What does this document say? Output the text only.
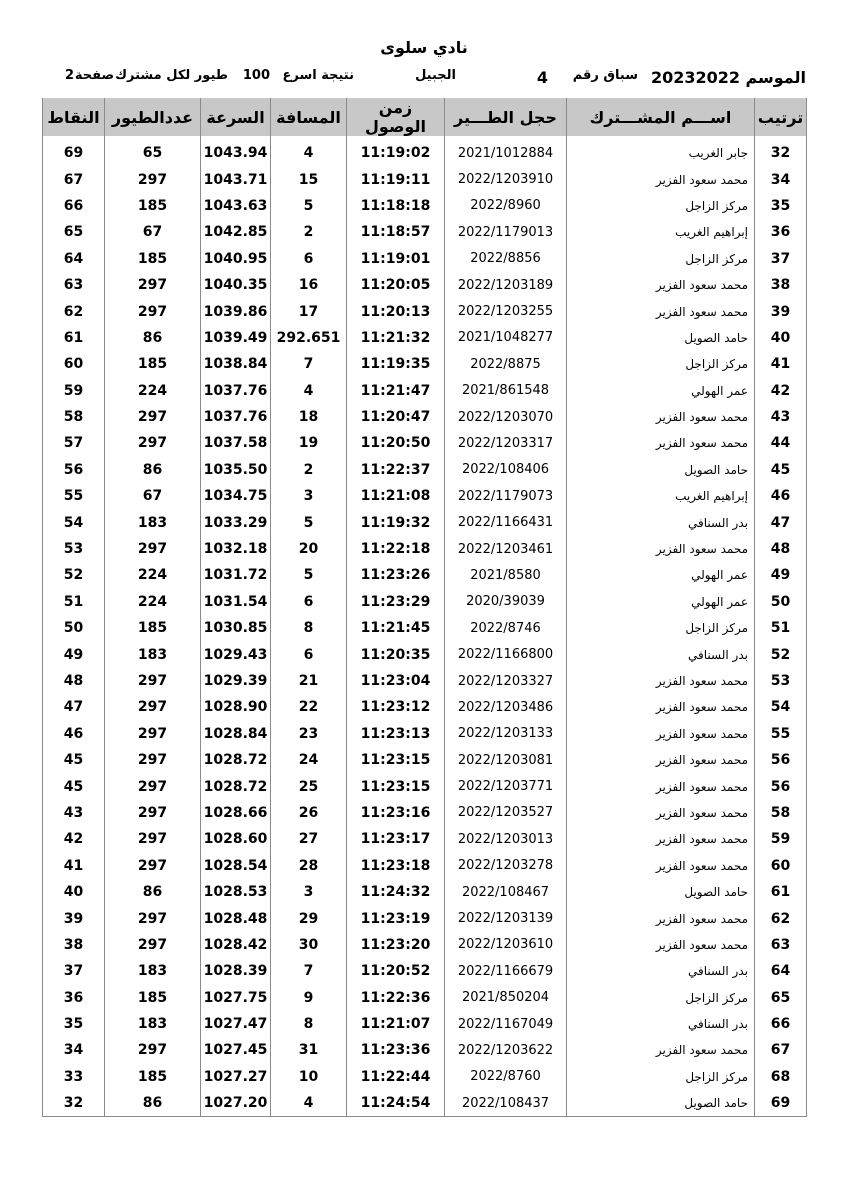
نادي سلوى
الموسم
20232022
سباق رقم
4
الجبيل
نتيجة اسرع
100
طيور لكل مشترك
صفحة
2
النقاط	عددالطيور	السرعة	المسافة	زمن الوصول	حجل الطـــير	اســـم المشـــترك	ترتيب

69	65	1043.94	4	11:19:02	2021/1012884	جابر الغريب	32
67	297	1043.71	15	11:19:11	2022/1203910	محمد سعود الفزير	34
66	185	1043.63	5	11:18:18	2022/8960	مركز الزاجل	35
65	67	1042.85	2	11:18:57	2022/1179013	إبراهيم الغريب	36
64	185	1040.95	6	11:19:01	2022/8856	مركز الزاجل	37
63	297	1040.35	16	11:20:05	2022/1203189	محمد سعود الفزير	38
62	297	1039.86	17	11:20:13	2022/1203255	محمد سعود الفزير	39
61	86	1039.49	292.651	11:21:32	2021/1048277	حامد الصويل	40
60	185	1038.84	7	11:19:35	2022/8875	مركز الزاجل	41
59	224	1037.76	4	11:21:47	2021/861548	عمر الهولي	42
58	297	1037.76	18	11:20:47	2022/1203070	محمد سعود الفزير	43
57	297	1037.58	19	11:20:50	2022/1203317	محمد سعود الفزير	44
56	86	1035.50	2	11:22:37	2022/108406	حامد الصويل	45
55	67	1034.75	3	11:21:08	2022/1179073	إبراهيم الغريب	46
54	183	1033.29	5	11:19:32	2022/1166431	بدر السنافي	47
53	297	1032.18	20	11:22:18	2022/1203461	محمد سعود الفزير	48
52	224	1031.72	5	11:23:26	2021/8580	عمر الهولي	49
51	224	1031.54	6	11:23:29	2020/39039	عمر الهولي	50
50	185	1030.85	8	11:21:45	2022/8746	مركز الزاجل	51
49	183	1029.43	6	11:20:35	2022/1166800	بدر السنافي	52
48	297	1029.39	21	11:23:04	2022/1203327	محمد سعود الفزير	53
47	297	1028.90	22	11:23:12	2022/1203486	محمد سعود الفزير	54
46	297	1028.84	23	11:23:13	2022/1203133	محمد سعود الفزير	55
45	297	1028.72	24	11:23:15	2022/1203081	محمد سعود الفزير	56
45	297	1028.72	25	11:23:15	2022/1203771	محمد سعود الفزير	56
43	297	1028.66	26	11:23:16	2022/1203527	محمد سعود الفزير	58
42	297	1028.60	27	11:23:17	2022/1203013	محمد سعود الفزير	59
41	297	1028.54	28	11:23:18	2022/1203278	محمد سعود الفزير	60
40	86	1028.53	3	11:24:32	2022/108467	حامد الصويل	61
39	297	1028.48	29	11:23:19	2022/1203139	محمد سعود الفزير	62
38	297	1028.42	30	11:23:20	2022/1203610	محمد سعود الفزير	63
37	183	1028.39	7	11:20:52	2022/1166679	بدر السنافي	64
36	185	1027.75	9	11:22:36	2021/850204	مركز الزاجل	65
35	183	1027.47	8	11:21:07	2022/1167049	بدر السنافي	66
34	297	1027.45	31	11:23:36	2022/1203622	محمد سعود الفزير	67
33	185	1027.27	10	11:22:44	2022/8760	مركز الزاجل	68
32	86	1027.20	4	11:24:54	2022/108437	حامد الصويل	69
